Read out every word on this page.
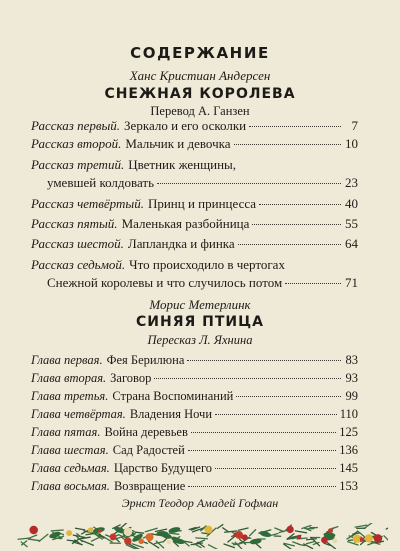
СОДЕРЖАНИЕ
Ханс Кристиан Андерсен
СНЕЖНАЯ КОРОЛЕВА
Перевод А. Ганзен
Рассказ первый. Зеркало и его осколки	7
Рассказ второй. Мальчик и девочка	10
Рассказ третий. Цветник женщины,
умевшей колдовать	23
Рассказ четвёртый. Принц и принцесса	40
Рассказ пятый. Маленькая разбойница	55
Рассказ шестой. Лапландка и финка	64
Рассказ седьмой. Что происходило в чертогах
Снежной королевы и что случилось потом	71
Морис Метерлинк
СИНЯЯ ПТИЦА
Пересказ Л. Яхнина
Глава первая. Фея Берилюна	83
Глава вторая. Заговор	93
Глава третья. Страна Воспоминаний	99
Глава четвёртая. Владения Ночи	110
Глава пятая. Война деревьев	125
Глава шестая. Сад Радостей	136
Глава седьмая. Царство Будущего	145
Глава восьмая. Возвращение	153
Эрнст Теодор Амадей Гофман
